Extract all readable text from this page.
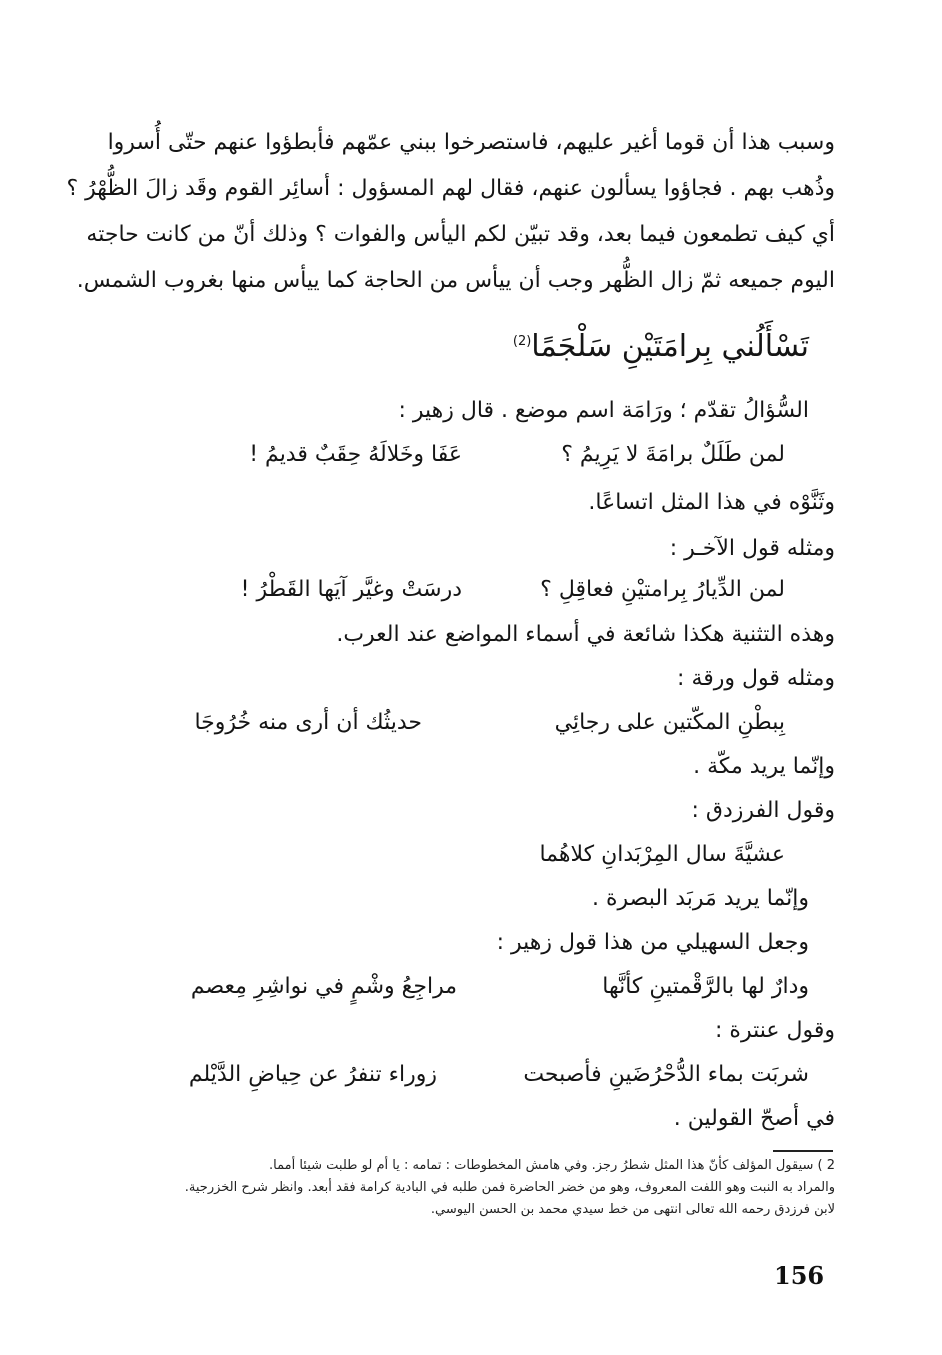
وسبب هذا أن قوما أغير عليهم، فاستصرخوا ببني عمّهم فأبطؤوا عنهم حتّى أُسروا
وذُهب بهم . فجاؤوا يسألون عنهم، فقال لهم المسؤول : أسائِر القوم وقَد زالَ الظُّهْرُ ؟
أي كيف تطمعون فيما بعد، وقد تبيّن لكم اليأس والفوات ؟ وذلك أنّ من كانت حاجته
اليوم جميعه ثمّ زال الظُّهر وجب أن ييأس من الحاجة كما ييأس منها بغروب الشمس.
تَسْأَلُني بِرامَتَيْنِ سَلْجَمًا$^{(2)}$
السُّؤالُ تقدّم ؛ ورَامَة اسم موضع . قال زهير :
لمن طَلَلٌ برامَةَ لا يَرِيمُ ؟
عَفَا وخَلالَهُ حِقَبٌ قديمُ !
وثَنَّوْه في هذا المثل اتساعًا.
ومثله قول الآخـر :
لمن الدِّيارُ بِرامتيْنِ فعاقِلِ ؟
درسَتْ وغيَّر آيَها القَطْرُ !
وهذه التثنية هكذا شائعة في أسماء المواضع عند العرب.
ومثله قول ورقة :
بِبطْنِ المكّتين على رجائِي
حديثُك أن أرى منه خُرُوجَا
وإنّما يريد مكّة .
وقول الفرزدق :
عشيَّةَ سال المِرْبَدانِ كلاهُما
وإنّما يريد مَربَد البصرة .
وجعل السهيلي من هذا قول زهير :
ودارٌ لها بالرَّقْمتينِ كأنَّها
مراجِعُ وشْمٍ في نواشِرِ مِعصم
وقول عنترة :
شربَت بماء الدُّحْرُضَينِ فأصبحت
زوراء تنفرُ عن حِياضِ الدَّيْلم
في أصحّ القولين .
2 ) سيقول المؤلف كأنّ هذا المثل شطرُ رجز. وفي هامش المخطوطات : تمامه : يا أم لو طلبت شيئا أمما.
والمراد به النبت وهو اللفت المعروف، وهو من خضر الحاضرة فمن طلبه في البادية كرامة فقد أبعد. وانظر شرح الخزرجية.
لابن فرزدق رحمه الله تعالى انتهى من خط سيدي محمد بن الحسن اليوسي.
156
